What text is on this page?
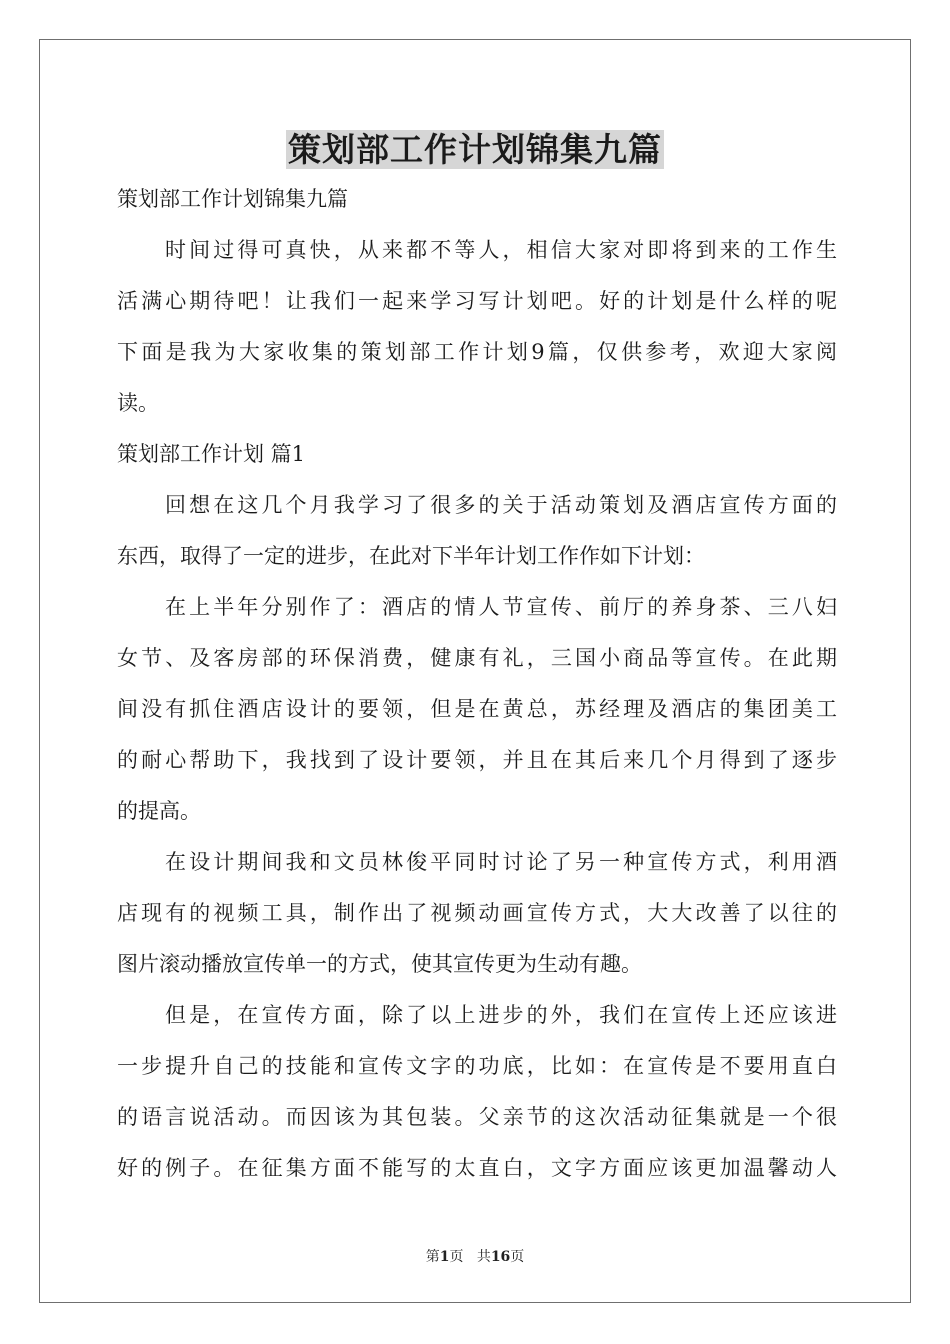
策划部工作计划锦集九篇
策划部工作计划锦集九篇
时间过得可真快，从来都不等人，相信大家对即将到来的工作生
活满心期待吧！让我们一起来学习写计划吧。好的计划是什么样的呢
下面是我为大家收集的策划部工作计划9篇，仅供参考，欢迎大家阅
读。
策划部工作计划 篇1
回想在这几个月我学习了很多的关于活动策划及酒店宣传方面的
东西，取得了一定的进步，在此对下半年计划工作作如下计划：
在上半年分别作了：酒店的情人节宣传、前厅的养身茶、三八妇
女节、及客房部的环保消费，健康有礼，三国小商品等宣传。在此期
间没有抓住酒店设计的要领，但是在黄总，苏经理及酒店的集团美工
的耐心帮助下，我找到了设计要领，并且在其后来几个月得到了逐步
的提高。
在设计期间我和文员林俊平同时讨论了另一种宣传方式，利用酒
店现有的视频工具，制作出了视频动画宣传方式，大大改善了以往的
图片滚动播放宣传单一的方式，使其宣传更为生动有趣。
但是，在宣传方面，除了以上进步的外，我们在宣传上还应该进
一步提升自己的技能和宣传文字的功底，比如：在宣传是不要用直白
的语言说活动。而因该为其包装。父亲节的这次活动征集就是一个很
好的例子。在征集方面不能写的太直白，文字方面应该更加温馨动人
第1页 共16页
